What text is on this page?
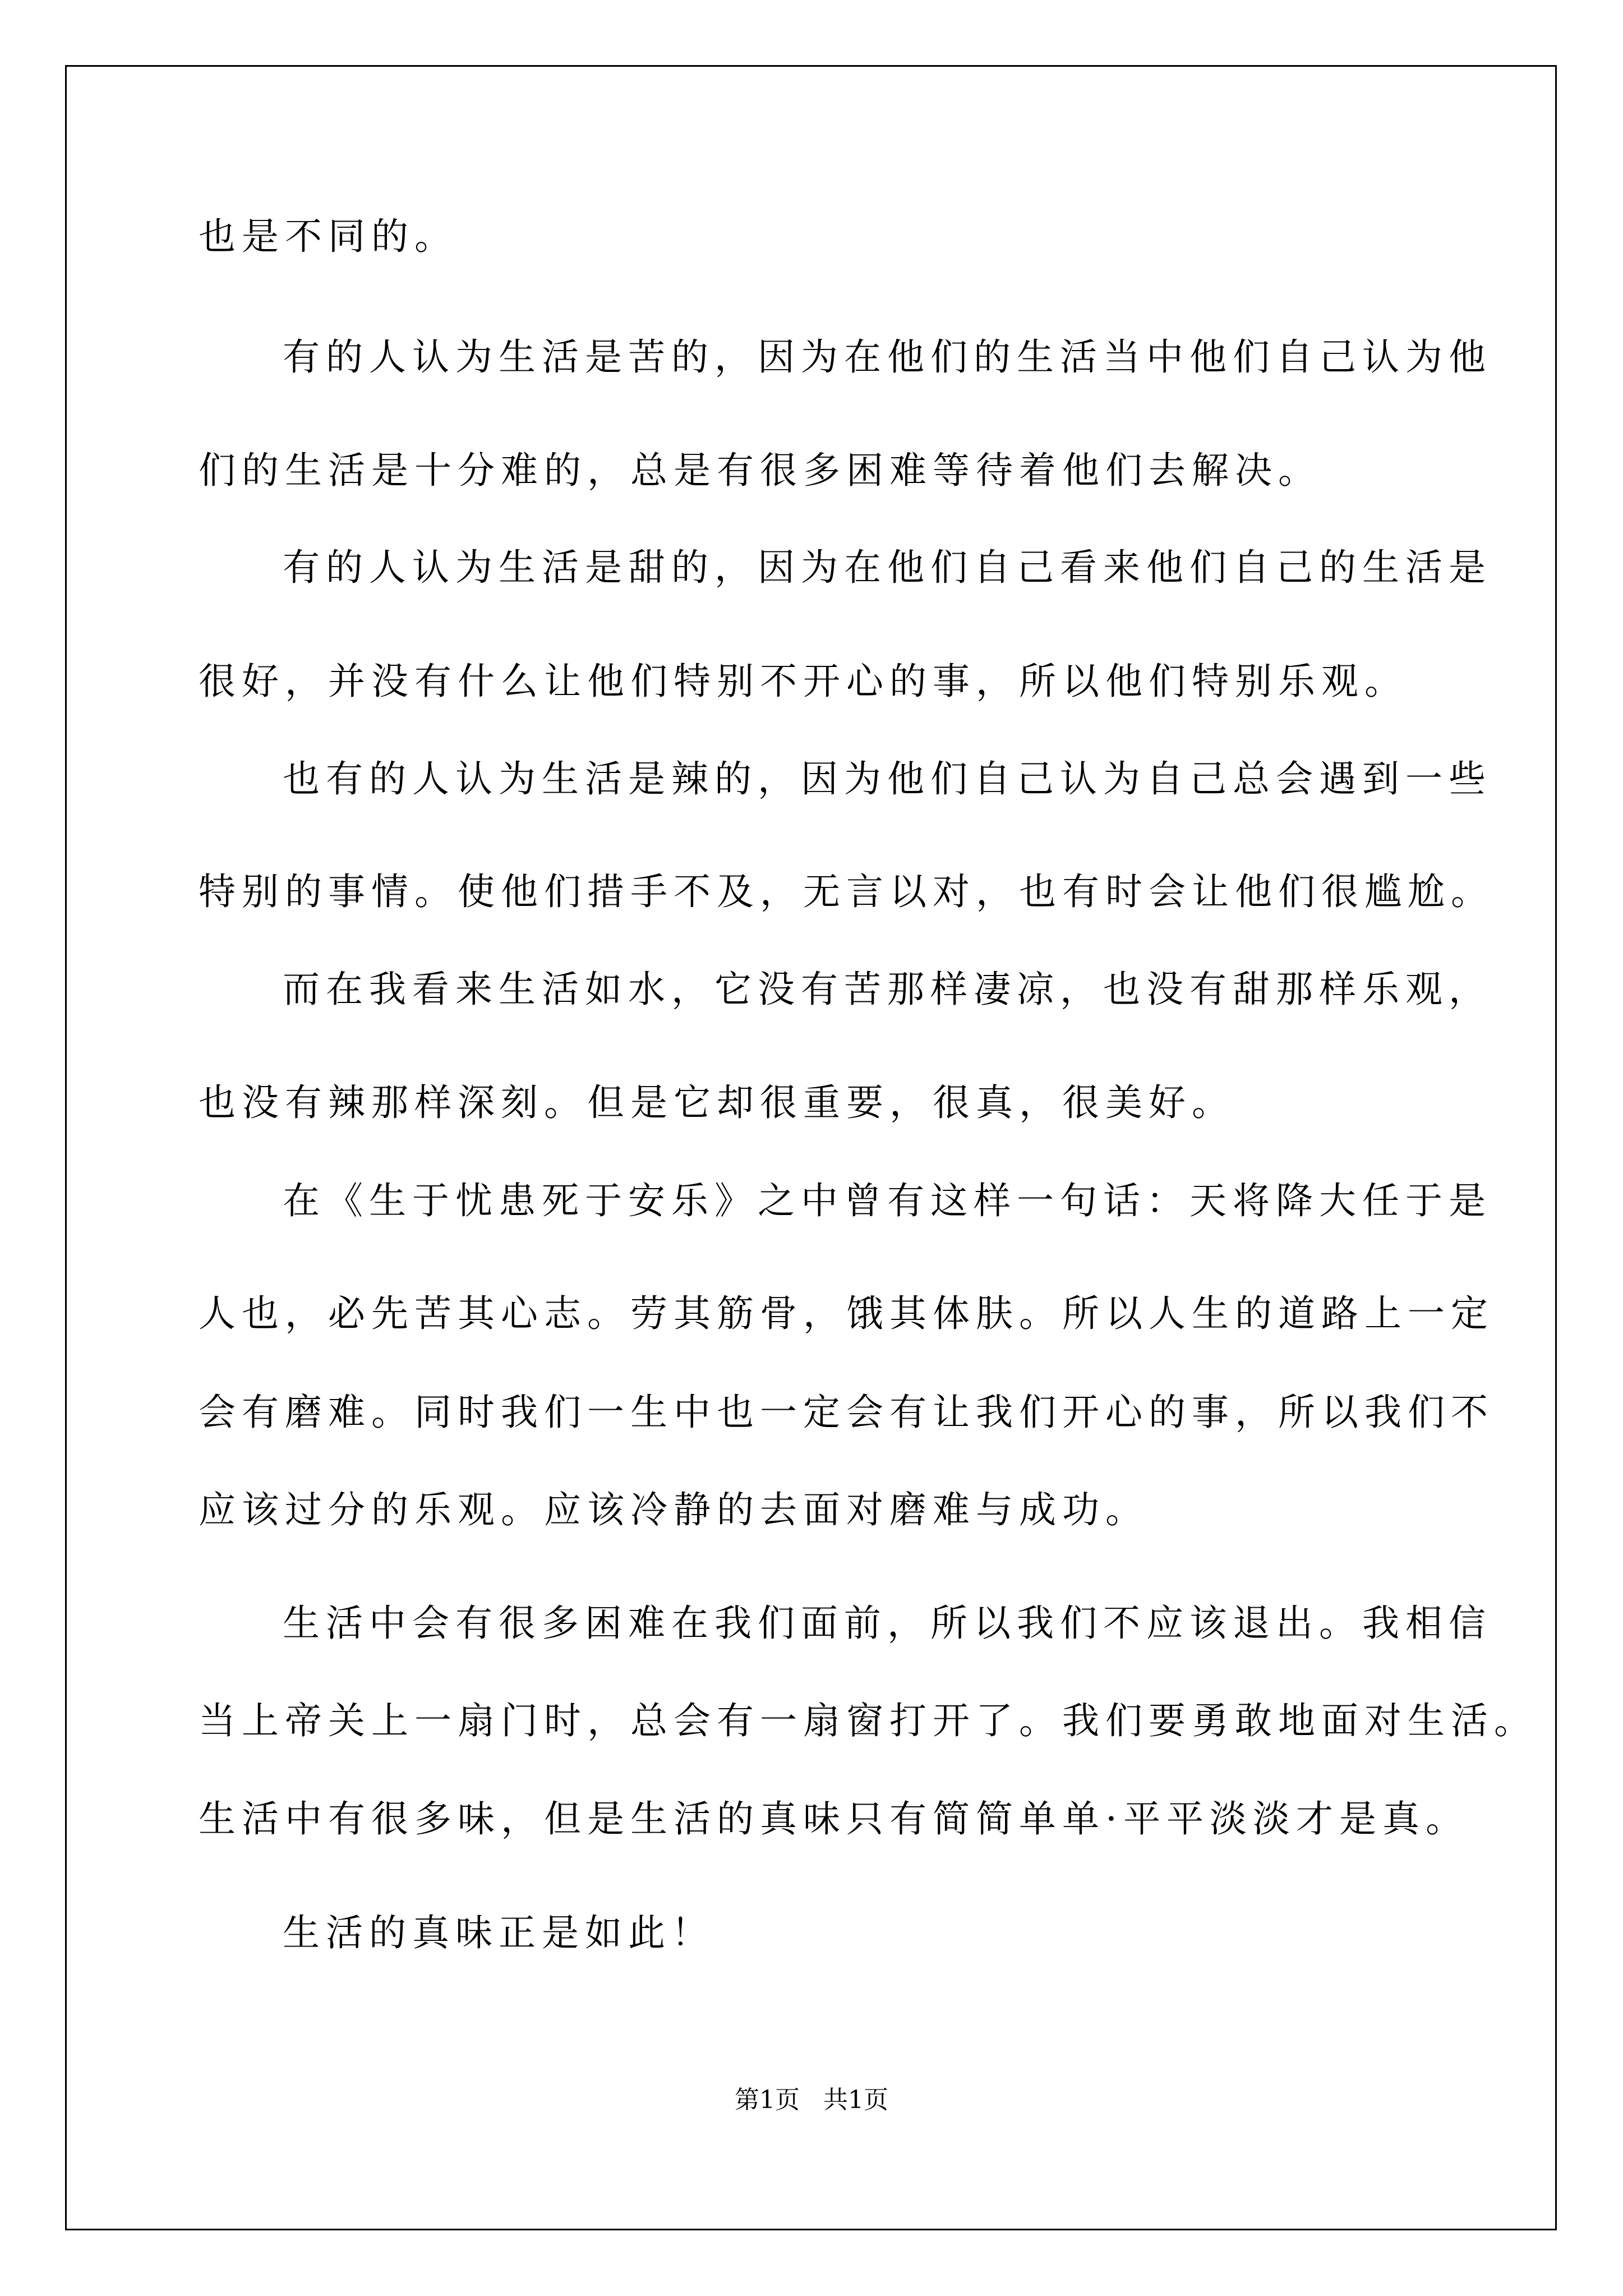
也是不同的。

有的人认为生活是苦的，因为在他们的生活当中他们自己认为他

们的生活是十分难的，总是有很多困难等待着他们去解决。

有的人认为生活是甜的，因为在他们自己看来他们自己的生活是

很好，并没有什么让他们特别不开心的事，所以他们特别乐观。

也有的人认为生活是辣的，因为他们自己认为自己总会遇到一些

特别的事情。使他们措手不及，无言以对，也有时会让他们很尴尬。

而在我看来生活如水，它没有苦那样凄凉，也没有甜那样乐观，

也没有辣那样深刻。但是它却很重要，很真，很美好。

在《生于忧患死于安乐》之中曾有这样一句话：天将降大任于是

人也，必先苦其心志。劳其筋骨，饿其体肤。所以人生的道路上一定

会有磨难。同时我们一生中也一定会有让我们开心的事，所以我们不

应该过分的乐观。应该冷静的去面对磨难与成功。

生活中会有很多困难在我们面前，所以我们不应该退出。我相信

当上帝关上一扇门时，总会有一扇窗打开了。我们要勇敢地面对生活。

生活中有很多味，但是生活的真味只有简简单单·平平淡淡才是真。

生活的真味正是如此！

第1页 共1页
